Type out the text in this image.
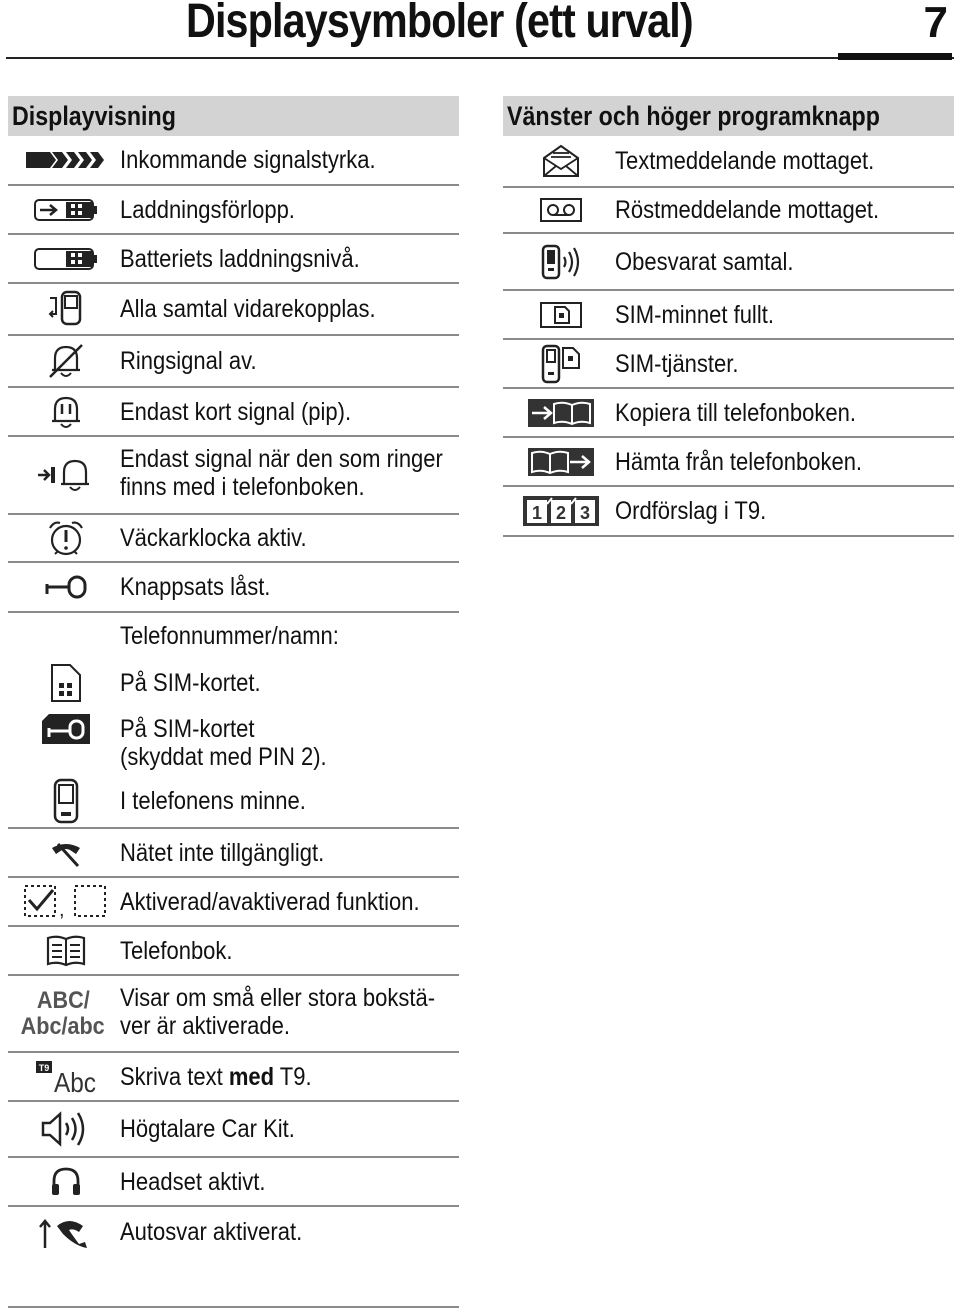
Displaysymboler (ett urval)	7
Displayvisning
Inkommande signalstyrka.
Laddningsförlopp.
Batteriets laddningsnivå.
Alla samtal vidarekopplas.
Ringsignal av.
Endast kort signal (pip).
Endast signal när den som ringer
finns med i telefonboken.
Väckarklocka aktiv.
Knappsats låst.
Telefonnummer/namn:
På SIM-kortet.
På SIM-kortet
(skyddat med PIN 2).
I telefonens minne.
Nätet inte tillgängligt.
, Aktiverad/avaktiverad funktion.
Telefonbok.
ABC/
Abc/abc
Visar om små eller stora bokstä-
ver är aktiverade.
T9 Abc Skriva text med T9.
Högtalare Car Kit.
Headset aktivt.
Autosvar aktiverat.
Vänster och höger programknapp
Textmeddelande mottaget.
Röstmeddelande mottaget.
Obesvarat samtal.
SIM-minnet fullt.
SIM-tjänster.
Kopiera till telefonboken.
Hämta från telefonboken.
1 2 3 Ordförslag i T9.
